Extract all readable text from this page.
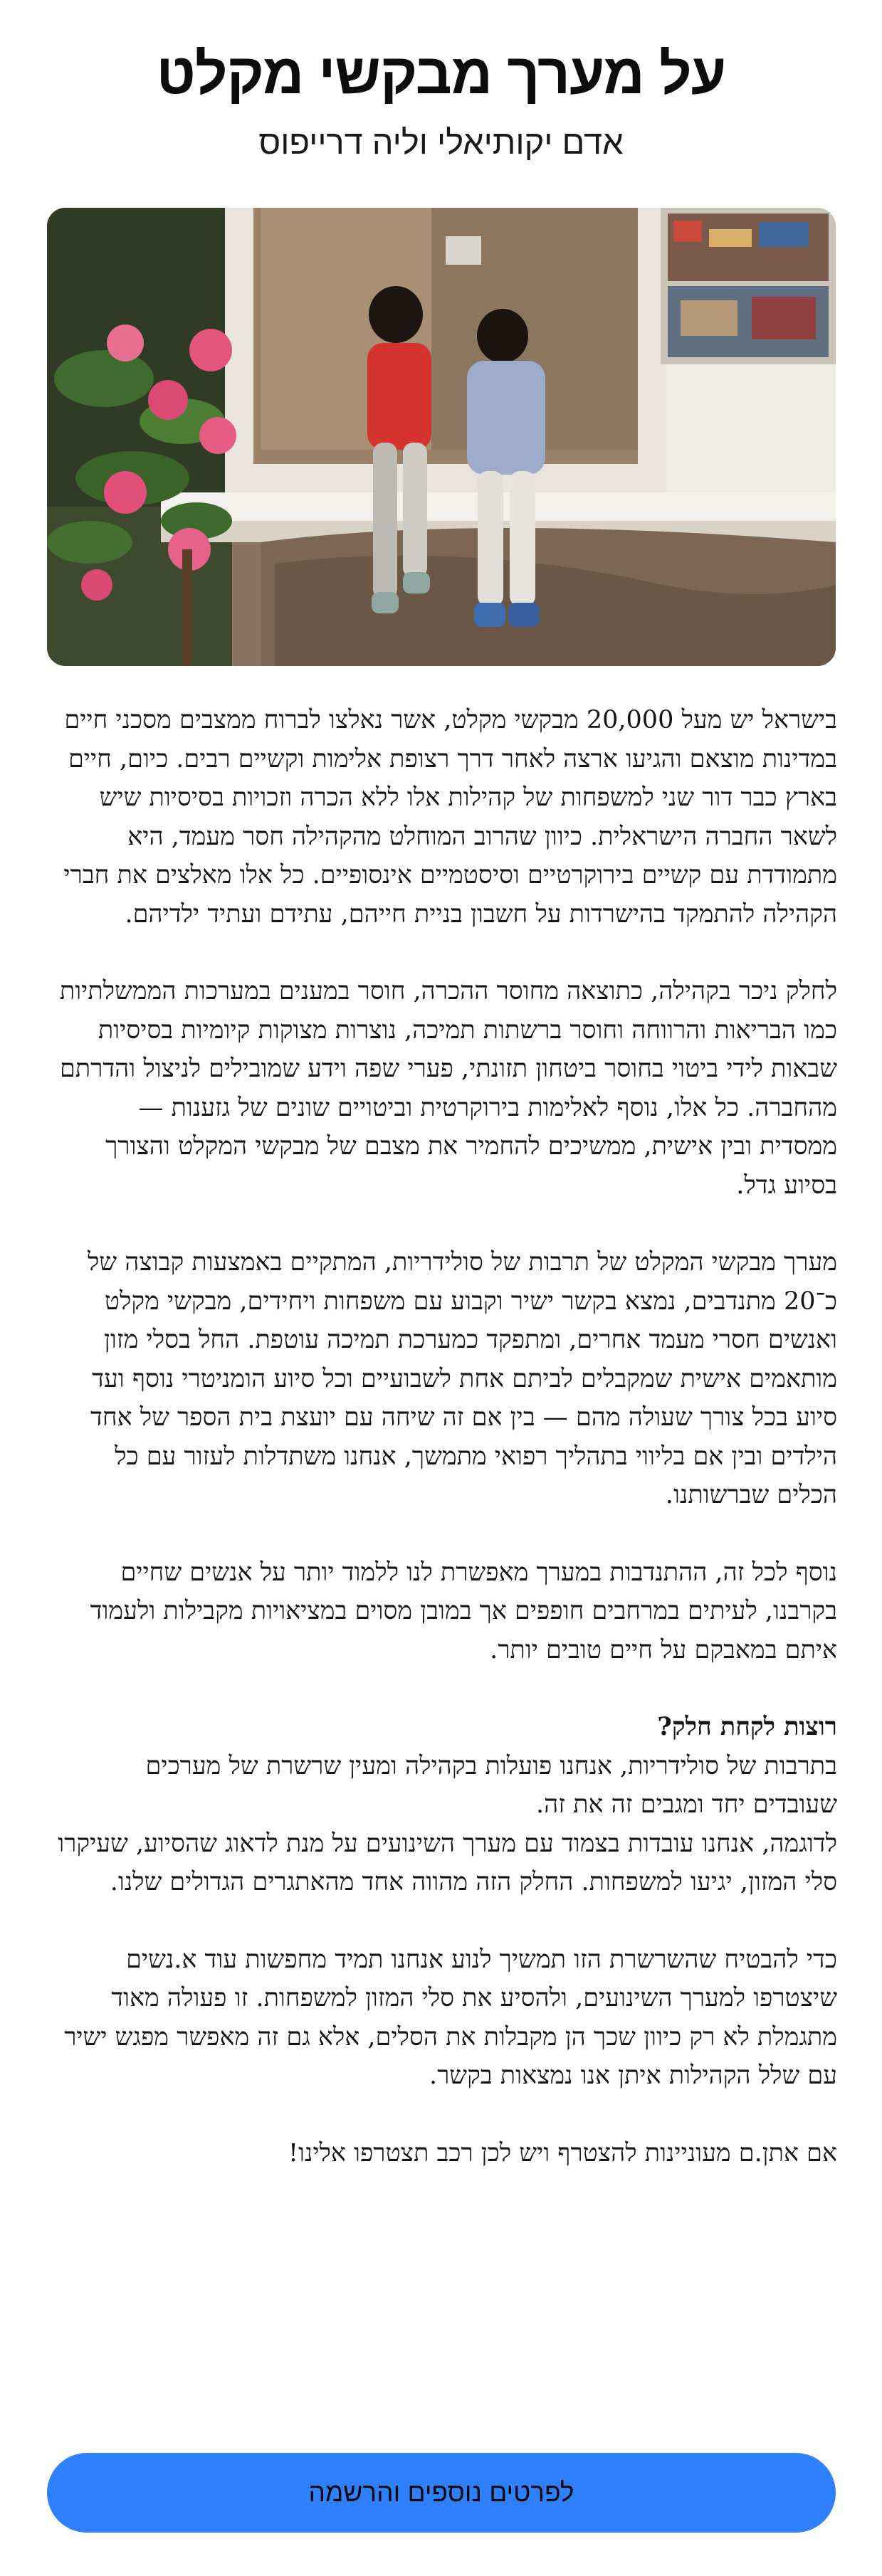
על מערך מבקשי מקלט
אדם יקותיאלי וליה דרייפוס

בישראל יש מעל 20,000 מבקשי מקלט, אשר נאלצו לברוח ממצבים מסכני חיים במדינות מוצאם והגיעו ארצה לאחר דרך רצופת אלימות וקשיים רבים. כיום, חיים בארץ כבר דור שני למשפחות של קהילות אלו ללא הכרה וזכויות בסיסיות שיש לשאר החברה הישראלית. כיוון שהרוב המוחלט מהקהילה חסר מעמד, היא מתמודדת עם קשיים בירוקרטיים וסיסטמיים אינסופיים. כל אלו מאלצים את חברי הקהילה להתמקד בהישרדות על חשבון בניית חייהם, עתידם ועתיד ילדיהם.

לחלק ניכר בקהילה, כתוצאה מחוסר ההכרה, חוסר במענים במערכות הממשלתיות כמו הבריאות והרווחה וחוסר ברשתות תמיכה, נוצרות מצוקות קיומיות בסיסיות שבאות לידי ביטוי בחוסר ביטחון תזונתי, פערי שפה וידע שמובילים לניצול והדרתם מהחברה. כל אלו, נוסף לאלימות בירוקרטית וביטויים שונים של גזענות — ממסדית ובין אישית, ממשיכים להחמיר את מצבם של מבקשי המקלט והצורך בסיוע גדל.

מערך מבקשי המקלט של תרבות של סולידריות, המתקיים באמצעות קבוצה של כ־20 מתנדבים, נמצא בקשר ישיר וקבוע עם משפחות ויחידים, מבקשי מקלט ואנשים חסרי מעמד אחרים, ומתפקד כמערכת תמיכה עוטפת. החל בסלי מזון מותאמים אישית שמקבלים לביתם אחת לשבועיים וכל סיוע הומניטרי נוסף ועד סיוע בכל צורך שעולה מהם — בין אם זה שיחה עם יועצת בית הספר של אחד הילדים ובין אם בליווי בתהליך רפואי מתמשך, אנחנו משתדלות לעזור עם כל הכלים שברשותנו.

נוסף לכל זה, ההתנדבות במערך מאפשרת לנו ללמוד יותר על אנשים שחיים בקרבנו, לעיתים במרחבים חופפים אך במובן מסוים במציאויות מקבילות ולעמוד איתם במאבקם על חיים טובים יותר.

רוצות לקחת חלק?

בתרבות של סולידריות, אנחנו פועלות בקהילה ומעין שרשרת של מערכים שעובדים יחד ומגבים זה את זה.

לדוגמה, אנחנו עובדות בצמוד עם מערך השינועים על מנת לדאוג שהסיוע, שעיקרו סלי המזון, יגיעו למשפחות. החלק הזה מהווה אחד מהאתגרים הגדולים שלנו.

כדי להבטיח שהשרשרת הזו תמשיך לנוע אנחנו תמיד מחפשות עוד א.נשים שיצטרפו למערך השינועים, ולהסיע את סלי המזון למשפחות. זו פעולה מאוד מתגמלת לא רק כיוון שכך הן מקבלות את הסלים, אלא גם זה מאפשר מפגש ישיר עם שלל הקהילות איתן אנו נמצאות בקשר.

אם אתן.ם מעוניינות להצטרף ויש לכן רכב תצטרפו אלינו!

לפרטים נוספים והרשמה
